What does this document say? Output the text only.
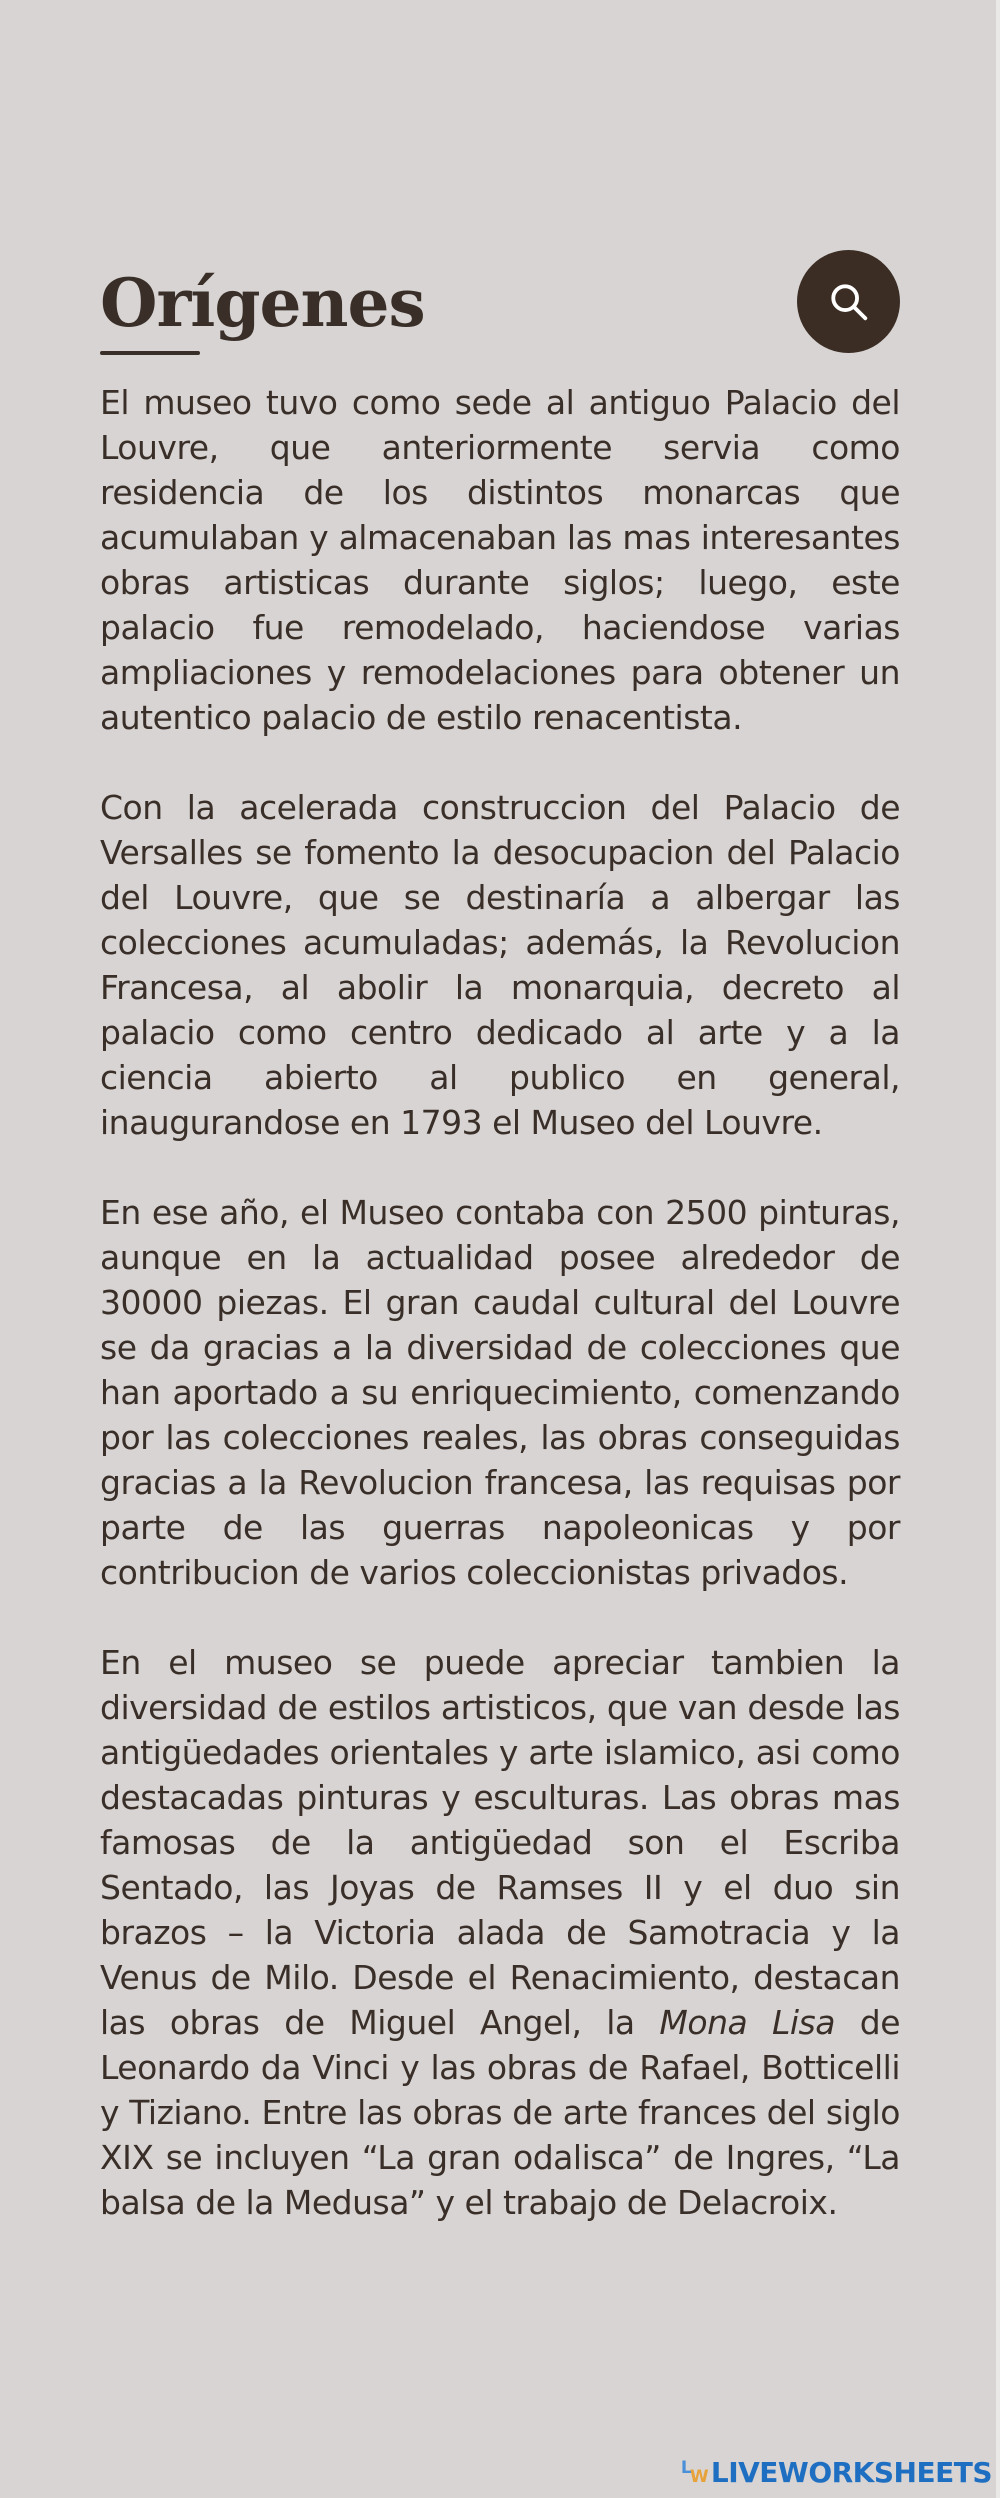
Orígenes

El museo tuvo como sede al antiguo Palacio del Louvre, que anteriormente servia como residencia de los distintos monarcas que acumulaban y almacenaban las mas interesantes obras artisticas durante siglos; luego, este palacio fue remodelado, haciendose varias ampliaciones y remodelaciones para obtener un autentico palacio de estilo renacentista.

Con la acelerada construccion del Palacio de Versalles se fomento la desocupacion del Palacio del Louvre, que se destinaría a albergar las colecciones acumuladas; además, la Revolucion Francesa, al abolir la monarquia, decreto al palacio como centro dedicado al arte y a la ciencia abierto al publico en general, inaugurandose en 1793 el Museo del Louvre.

En ese año, el Museo contaba con 2500 pinturas, aunque en la actualidad posee alrededor de 30000 piezas. El gran caudal cultural del Louvre se da gracias a la diversidad de colecciones que han aportado a su enriquecimiento, comenzando por las colecciones reales, las obras conseguidas gracias a la Revolucion francesa, las requisas por parte de las guerras napoleonicas y por contribucion de varios coleccionistas privados.

En el museo se puede apreciar tambien la diversidad de estilos artisticos, que van desde las antigüedades orientales y arte islamico, asi como destacadas pinturas y esculturas. Las obras mas famosas de la antigüedad son el Escriba Sentado, las Joyas de Ramses II y el duo sin brazos – la Victoria alada de Samotracia y la Venus de Milo. Desde el Renacimiento, destacan las obras de Miguel Angel, la Mona Lisa de Leonardo da Vinci y las obras de Rafael, Botticelli y Tiziano. Entre las obras de arte frances del siglo XIX se incluyen “La gran odalisca” de Ingres, “La balsa de la Medusa” y el trabajo de Delacroix.

L
W LIVEWORKSHEETS
